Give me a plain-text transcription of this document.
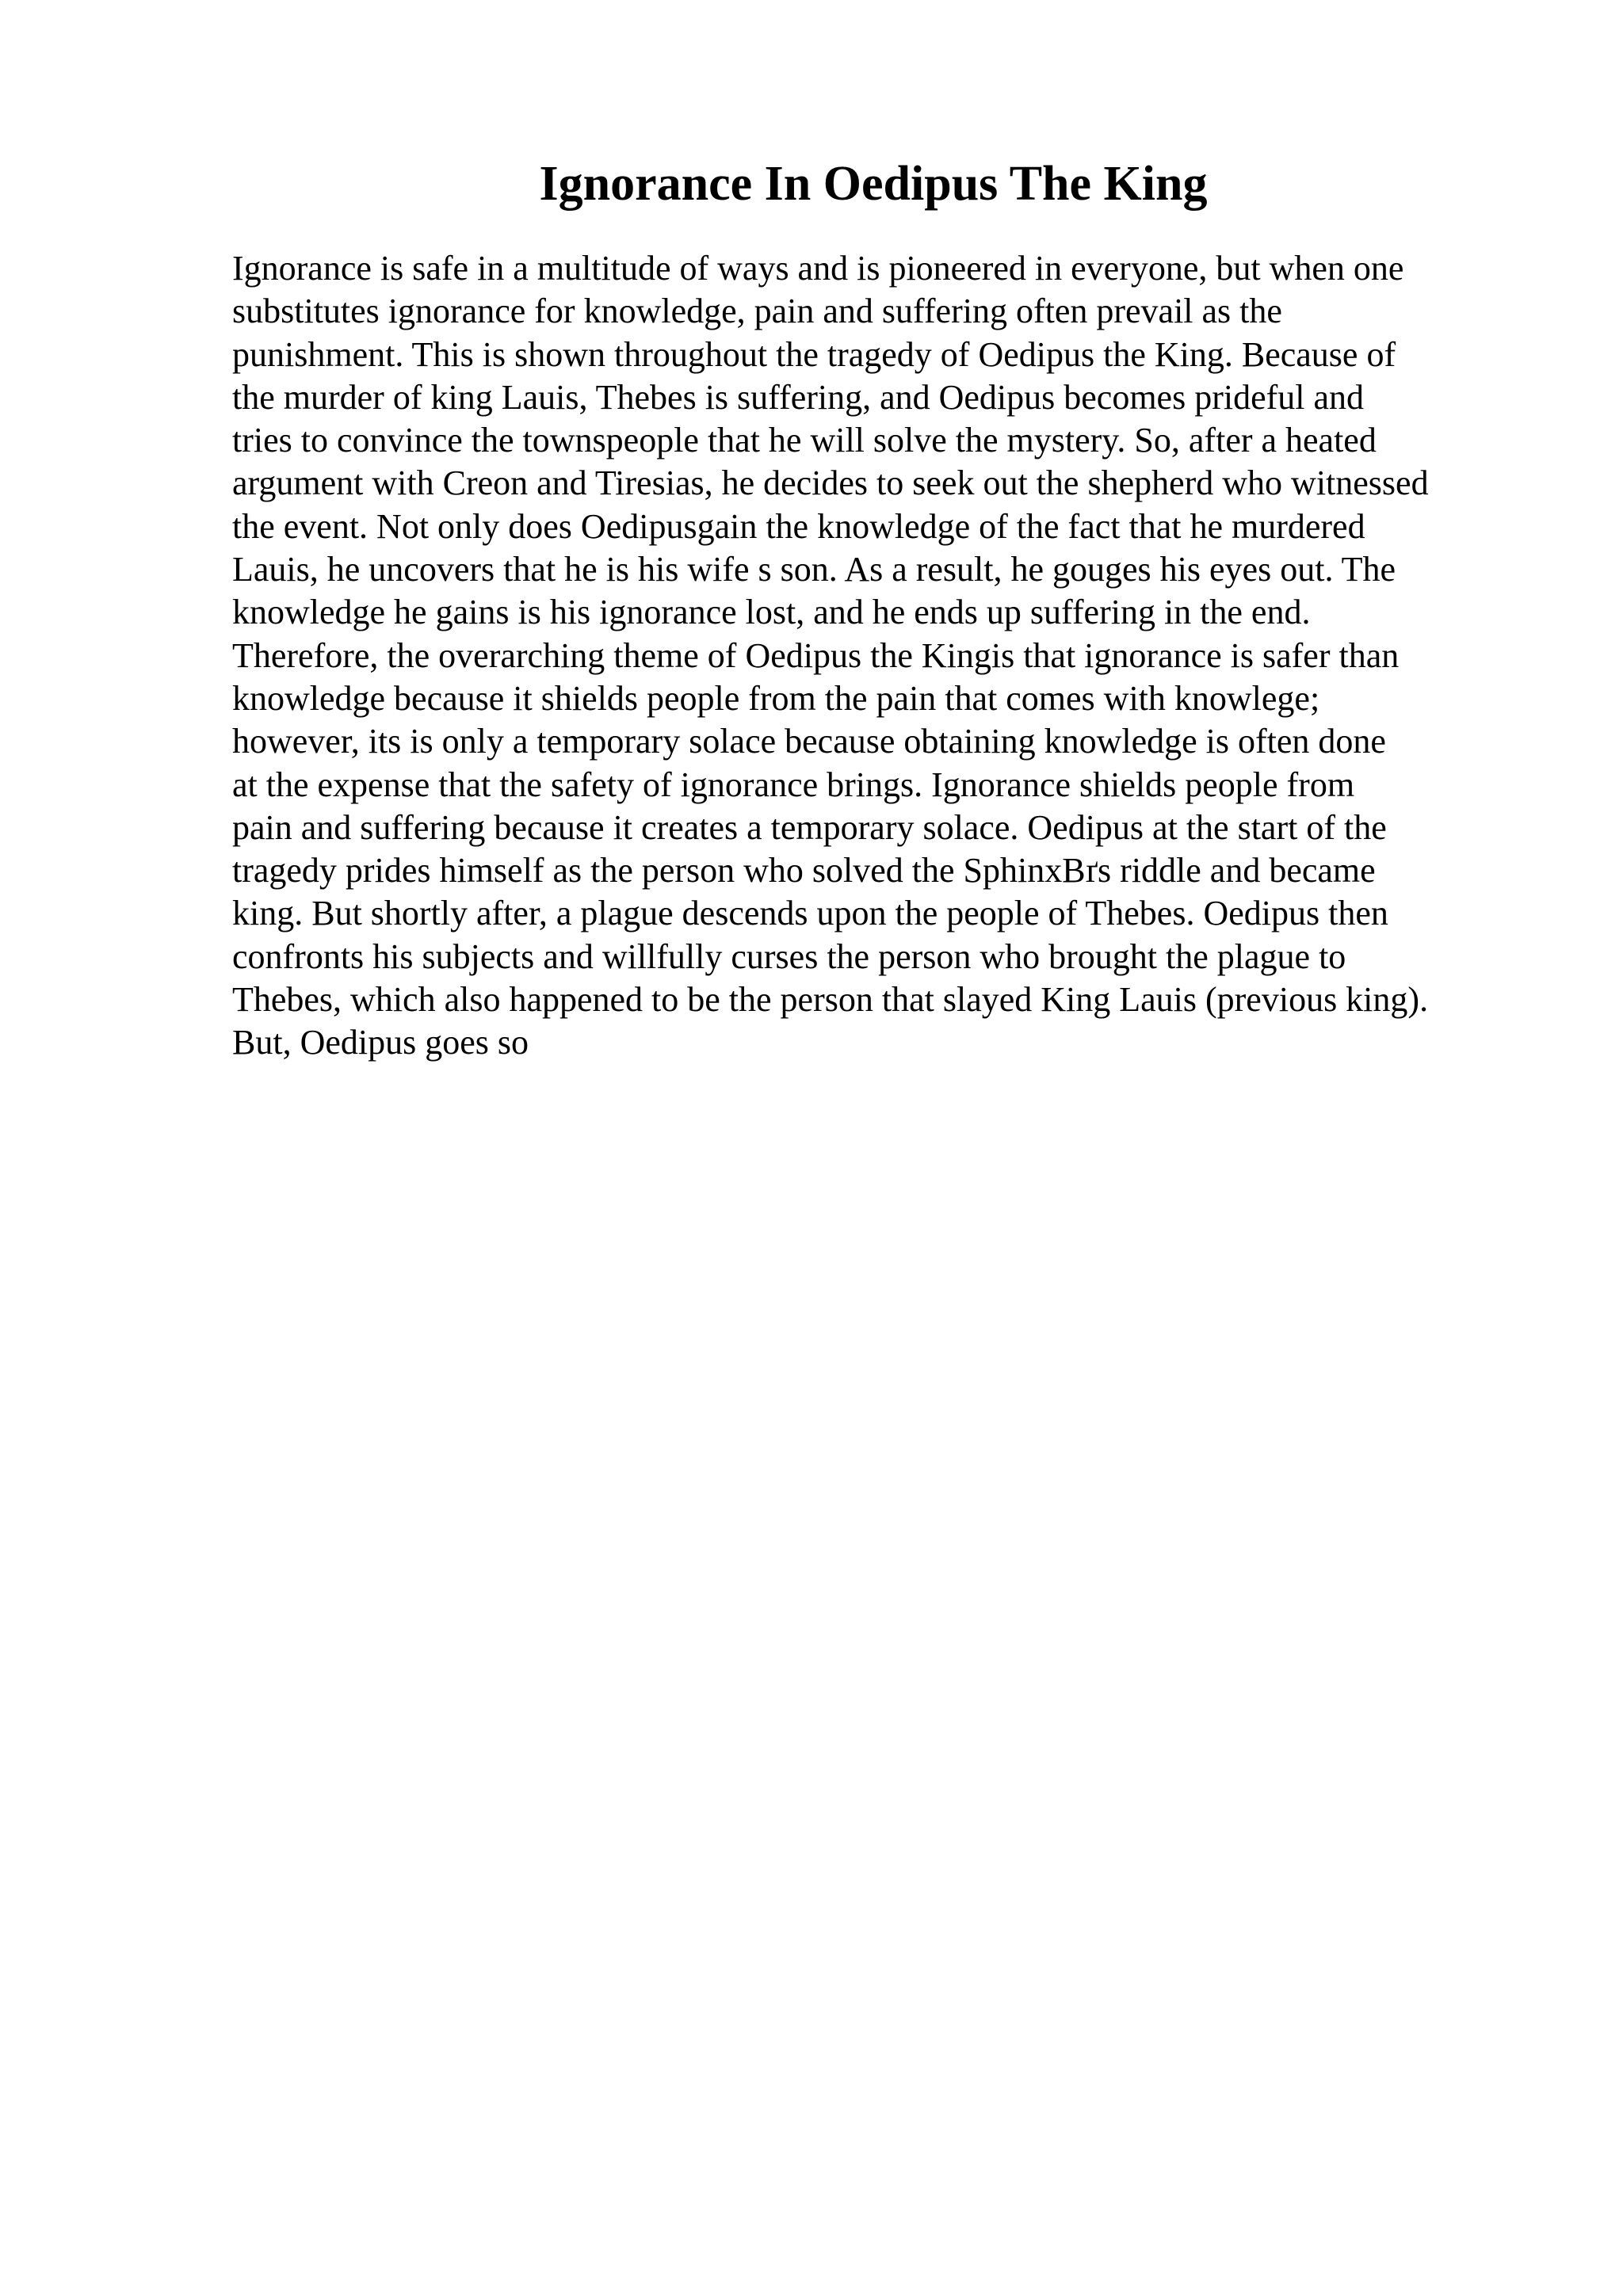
Ignorance In Oedipus The King
Ignorance is safe in a multitude of ways and is pioneered in everyone, but when one
substitutes ignorance for knowledge, pain and suffering often prevail as the
punishment. This is shown throughout the tragedy of Oedipus the King. Because of
the murder of king Lauis, Thebes is suffering, and Oedipus becomes prideful and
tries to convince the townspeople that he will solve the mystery. So, after a heated
argument with Creon and Tiresias, he decides to seek out the shepherd who witnessed
the event. Not only does Oedipusgain the knowledge of the fact that he murdered
Lauis, he uncovers that he is his wife s son. As a result, he gouges his eyes out. The
knowledge he gains is his ignorance lost, and he ends up suffering in the end.
Therefore, the overarching theme of Oedipus the Kingis that ignorance is safer than
knowledge because it shields people from the pain that comes with knowlege;
however, its is only a temporary solace because obtaining knowledge is often done
at the expense that the safety of ignorance brings. Ignorance shields people from
pain and suffering because it creates a temporary solace. Oedipus at the start of the
tragedy prides himself as the person who solved the SphinxBґs riddle and became
king. But shortly after, a plague descends upon the people of Thebes. Oedipus then
confronts his subjects and willfully curses the person who brought the plague to
Thebes, which also happened to be the person that slayed King Lauis (previous king).
But, Oedipus goes so
